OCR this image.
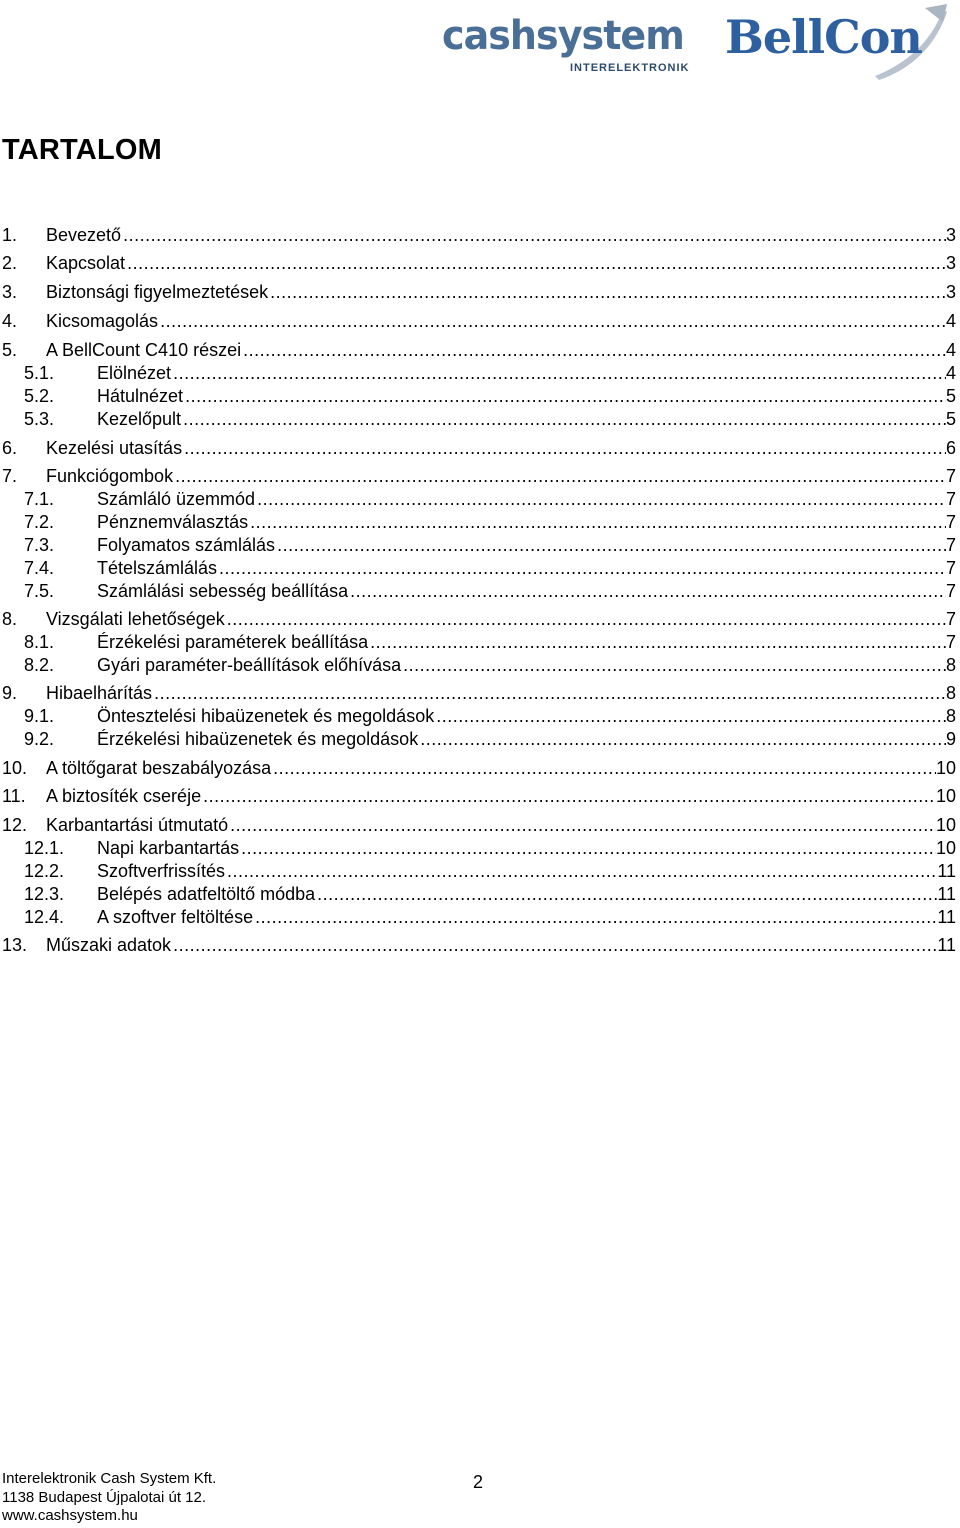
cashsystem
INTERELEKTRONIK
BellCon
TARTALOM
1. Bevezető .....	3
2. Kapcsolat .....	3
3. Biztonsági figyelmeztetések .....	3
4. Kicsomagolás .....	4
5. A BellCount C410 részei .....	4
5.1. Elölnézet .....	4
5.2. Hátulnézet .....	5
5.3. Kezelőpult .....	5
6. Kezelési utasítás .....	6
7. Funkciógombok .....	7
7.1. Számláló üzemmód .....	7
7.2. Pénznemválasztás .....	7
7.3. Folyamatos számlálás .....	7
7.4. Tételszámlálás .....	7
7.5. Számlálási sebesség beállítása .....	7
8. Vizsgálati lehetőségek .....	7
8.1. Érzékelési paraméterek beállítása .....	7
8.2. Gyári paraméter-beállítások előhívása .....	8
9. Hibaelhárítás .....	8
9.1. Öntesztelési hibaüzenetek és megoldások .....	8
9.2. Érzékelési hibaüzenetek és megoldások .....	9
10. A töltőgarat beszabályozása .....	10
11. A biztosíték cseréje .....	10
12. Karbantartási útmutató .....	10
12.1. Napi karbantartás .....	10
12.2. Szoftverfrissítés .....	11
12.3. Belépés adatfeltöltő módba .....	11
12.4. A szoftver feltöltése .....	11
13. Műszaki adatok .....	11
Interelektronik Cash System Kft.
1138 Budapest Újpalotai út 12.
www.cashsystem.hu
2
